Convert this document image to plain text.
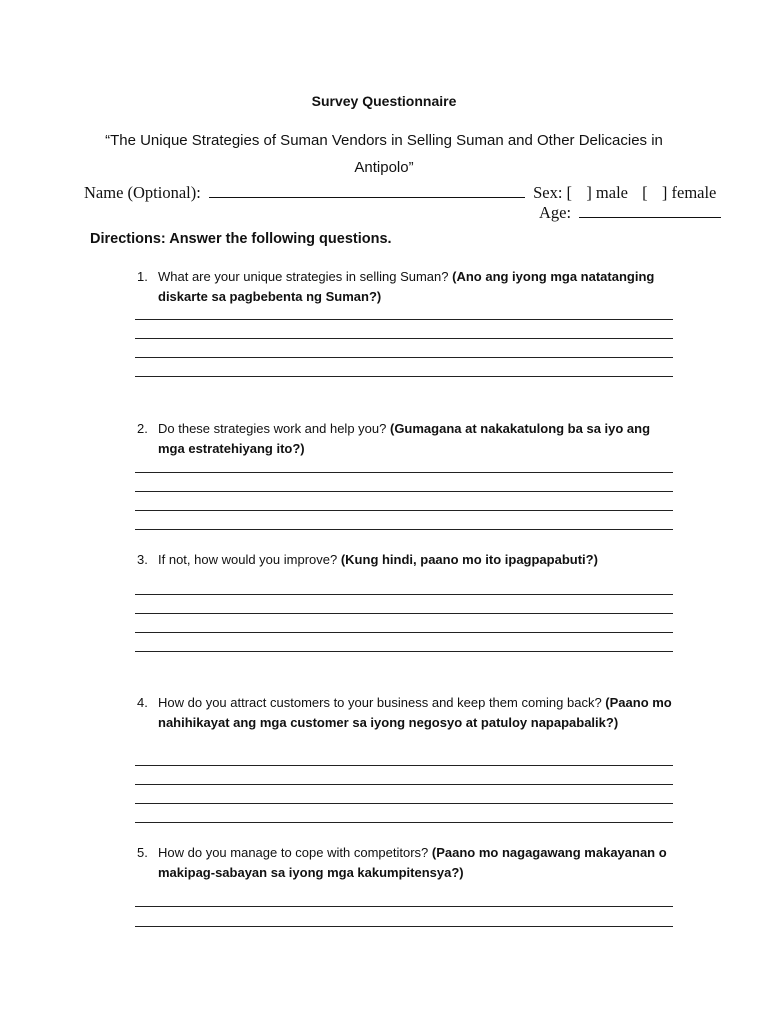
Survey Questionnaire
“The Unique Strategies of Suman Vendors in Selling Suman and Other Delicacies in Antipolo”
Name (Optional):	Sex: [ ] male [ ] female
Age:
Directions: Answer the following questions.
1. What are your unique strategies in selling Suman? (Ano ang iyong mga natatanging diskarte sa pagbebenta ng Suman?)
2. Do these strategies work and help you? (Gumagana at nakakatulong ba sa iyo ang mga estratehiyang ito?)
3. If not, how would you improve? (Kung hindi, paano mo ito ipagpapabuti?)
4. How do you attract customers to your business and keep them coming back? (Paano mo nahihikayat ang mga customer sa iyong negosyo at patuloy napapabalik?)
5. How do you manage to cope with competitors? (Paano mo nagagawang makayanan o makipag-sabayan sa iyong mga kakumpitensya?)
